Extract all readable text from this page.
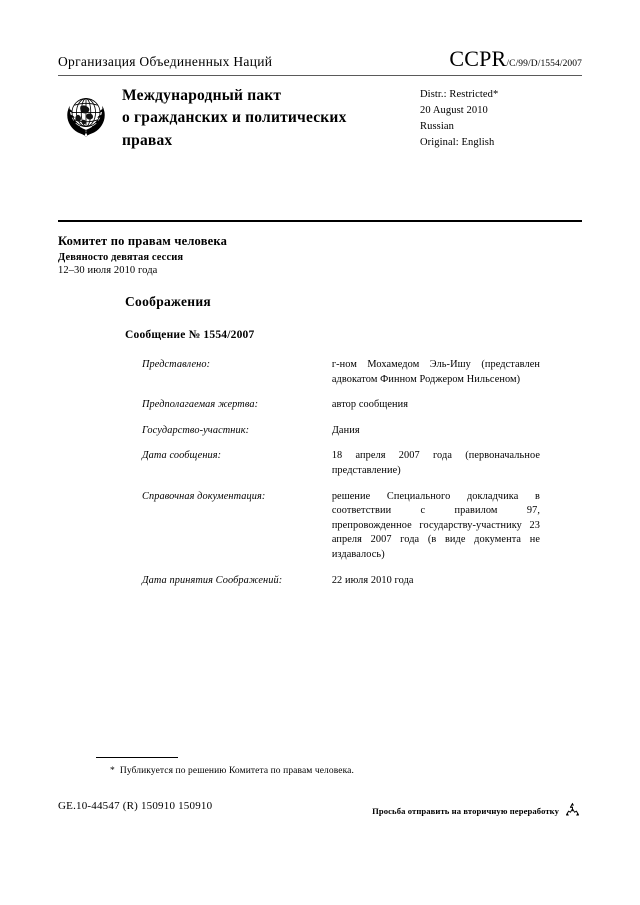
Организация Объединенных Наций	CCPR/C/99/D/1554/2007
Международный пакт
о гражданских и политических
правах
Distr.: Restricted*
20 August 2010
Russian
Original: English
Комитет по правам человека
Девяносто девятая сессия
12–30 июля 2010 года
Соображения
Сообщение № 1554/2007
Представлено:	г-ном Мохамедом Эль-Ишу (представлен адвокатом Финном Роджером Нильсеном)
Предполагаемая жертва:	автор сообщения
Государство-участник:	Дания
Дата сообщения:	18 апреля 2007 года (первоначальное представление)
Справочная документация:	решение Специального докладчика в соответствии с правилом 97, препровожденное государству-участнику 23 апреля 2007 года (в виде документа не издавалось)
Дата принятия Соображений:	22 июля 2010 года
* Публикуется по решению Комитета по правам человека.
GE.10-44547 (R) 150910 150910	Просьба отправить на вторичную переработку
